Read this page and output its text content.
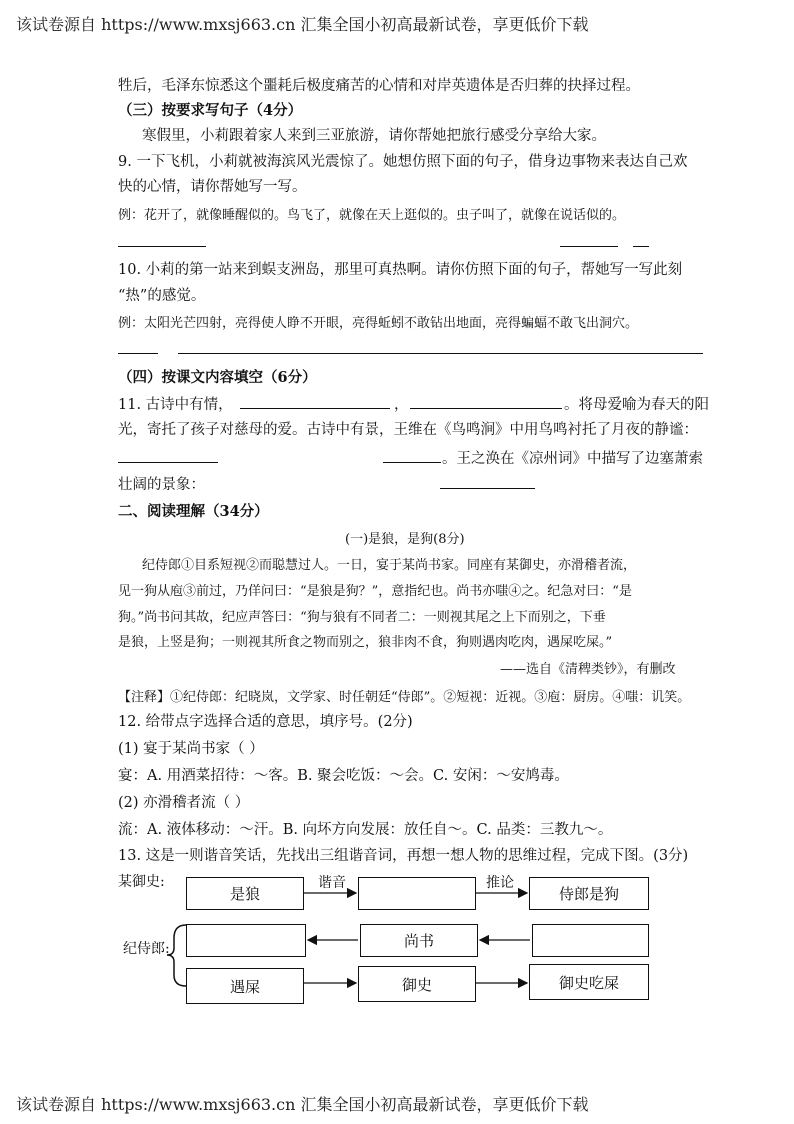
该试卷源自 https://www.mxsj663.cn 汇集全国小初高最新试卷，享更低价下载
牲后，毛泽东惊悉这个噩耗后极度痛苦的心情和对岸英遗体是否归葬的抉择过程。
（三）按要求写句子（4分）
寒假里，小莉跟着家人来到三亚旅游，请你帮她把旅行感受分享给大家。
9. 一下飞机，小莉就被海滨风光震惊了。她想仿照下面的句子，借身边事物来表达自己欢
快的心情，请你帮她写一写。
例：花开了，就像睡醒似的。鸟飞了，就像在天上逛似的。虫子叫了，就像在说话似的。
10. 小莉的第一站来到蜈支洲岛，那里可真热啊。请你仿照下面的句子，帮她写一写此刻
“热”的感觉。
例：太阳光芒四射，亮得使人睁不开眼，亮得蚯蚓不敢钻出地面，亮得蝙蝠不敢飞出洞穴。
（四）按课文内容填空（6分）
11. 古诗中有情，	，	。将母爱喻为春天的阳
光，寄托了孩子对慈母的爱。古诗中有景，王维在《鸟鸣涧》中用鸟鸣衬托了月夜的静谧：
。王之涣在《凉州词》中描写了边塞萧索
壮阔的景象：
二、阅读理解（34分）
(一)是狼，是狗(8分)
纪侍郎①目系短视②而聪慧过人。一日，宴于某尚书家。同座有某御史，亦滑稽者流，
见一狗从庖③前过，乃佯问曰：“是狼是狗？”，意指纪也。尚书亦嗤④之。纪急对曰：“是
狗。”尚书问其故，纪应声答曰：“狗与狼有不同者二：一则视其尾之上下而别之，下垂
是狼，上竖是狗；一则视其所食之物而别之，狼非肉不食，狗则遇肉吃肉，遇屎吃屎。”
——选自《清稗类钞》，有删改
【注释】①纪侍郎：纪晓岚，文学家、时任朝廷“侍郎”。②短视：近视。③庖：厨房。④嗤：讥笑。
12. 给带点字选择合适的意思，填序号。(2分)
(1) 宴于某尚书家（ ）
宴：A. 用酒菜招待：～客。B. 聚会吃饭：～会。C. 安闲：～安鸠毒。
(2) 亦滑稽者流（ ）
流：A. 液体移动：～汗。B. 向坏方向发展：放任自～。C. 品类：三教九～。
13. 这是一则谐音笑话，先找出三组谐音词，再想一想人物的思维过程，完成下图。(3分)
某御史:
纪侍郎:
谐音	推论
是狼	侍郎是狗
尚书
遇屎	御史	御史吃屎
该试卷源自 https://www.mxsj663.cn 汇集全国小初高最新试卷，享更低价下载
